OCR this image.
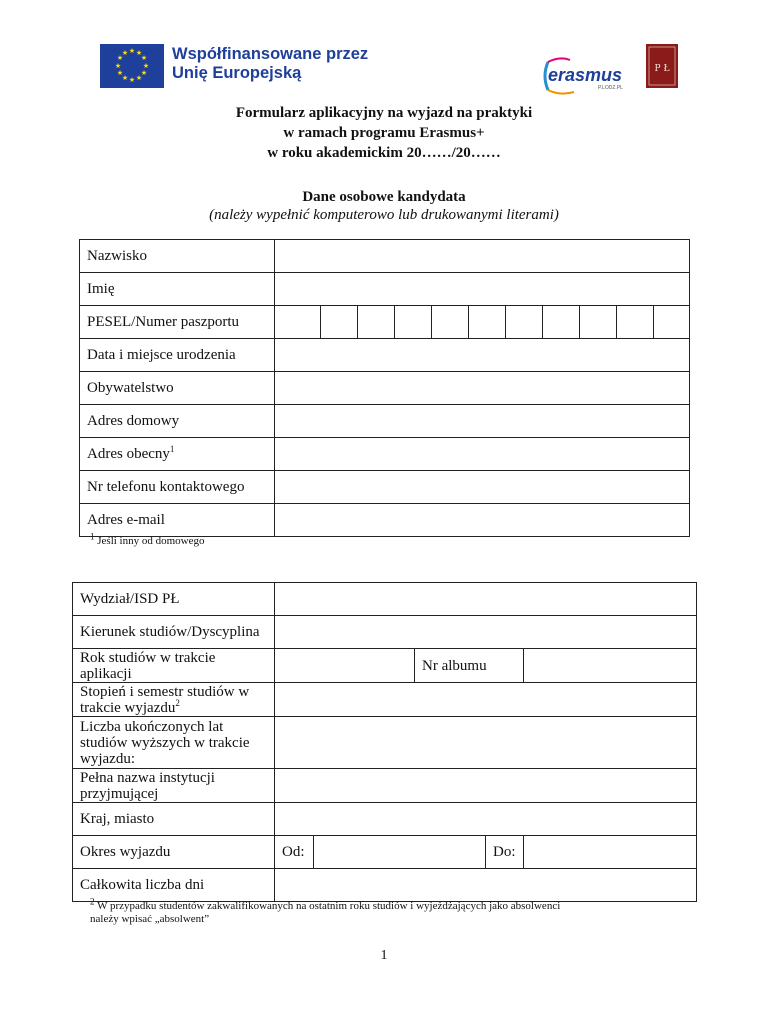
★ ★
★
★
★
★
★
★
★
★
★
★	Współfinansowane przez
Unię Europejską	erasmus
P.LODZ.PL
P Ł
Formularz aplikacyjny na wyjazd na praktyki
w ramach programu Erasmus+
w roku akademickim 20……/20……
Dane osobowe kandydata
(należy wypełnić komputerowo lub drukowanymi literami)
Nazwisko											
Imię											
PESEL/Numer paszportu											
Data i miejsce urodzenia											
Obywatelstwo											
Adres domowy											
Adres obecny$^1$	
Nr telefonu kontaktowego											
Adres e-mail											
$^1$ Jeśli inny od domowego
Wydział/ISD PŁ					
Kierunek studiów/Dyscyplina					

Rok studiów w trakcie
aplikacji			Nr albumu		

Stopień i semestr studiów w
trakcie wyjazdu$^2$

Liczba ukończonych lat
studiów wyższych w trakcie
wyjazdu:					

Pełna nazwa instytucji
przyjmującej					

Kraj, miasto					
Okres wyjazdu	Od:			Do:	
Całkowita liczba dni					
$^2$ W przypadku studentów zakwalifikowanych na ostatnim roku studiów i wyjeżdżających jako absolwenci
należy wpisać „absolwent”
1
